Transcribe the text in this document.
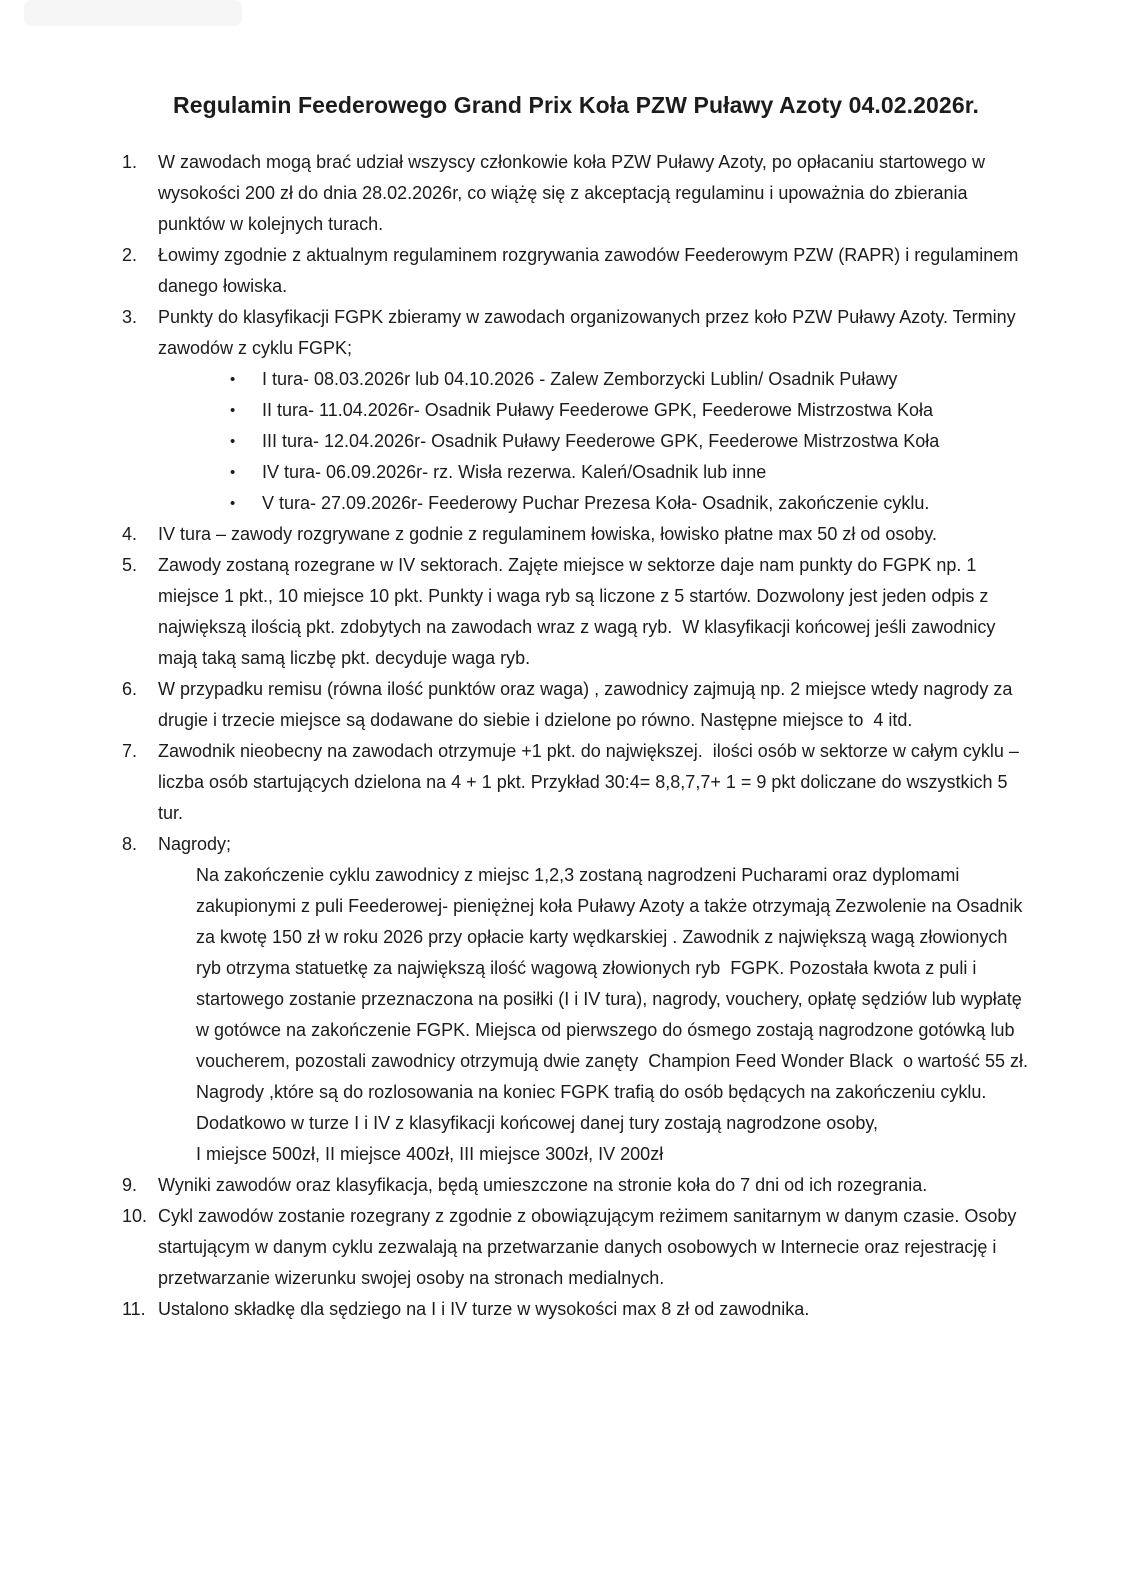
Regulamin Feederowego Grand Prix Koła PZW Puławy Azoty 04.02.2026r.
1.	W zawodach mogą brać udział wszyscy członkowie koła PZW Puławy Azoty, po opłacaniu startowego w wysokości 200 zł do dnia 28.02.2026r, co wiążę się z akceptacją regulaminu i upoważnia do zbierania punktów w kolejnych turach.
2.	Łowimy zgodnie z aktualnym regulaminem rozgrywania zawodów Feederowym PZW (RAPR) i regulaminem danego łowiska.
3.	Punkty do klasyfikacji FGPK zbieramy w zawodach organizowanych przez koło PZW Puławy Azoty. Terminy zawodów z cyklu FGPK;
•	I tura- 08.03.2026r lub 04.10.2026 - Zalew Zemborzycki Lublin/ Osadnik Puławy
•	II tura- 11.04.2026r- Osadnik Puławy Feederowe GPK, Feederowe Mistrzostwa Koła
•	III tura- 12.04.2026r- Osadnik Puławy Feederowe GPK, Feederowe Mistrzostwa Koła
•	IV tura- 06.09.2026r- rz. Wisła rezerwa. Kaleń/Osadnik lub inne
•	V tura- 27.09.2026r- Feederowy Puchar Prezesa Koła- Osadnik, zakończenie cyklu.
4.	IV tura – zawody rozgrywane z godnie z regulaminem łowiska, łowisko płatne max 50 zł od osoby.
5.	Zawody zostaną rozegrane w IV sektorach. Zajęte miejsce w sektorze daje nam punkty do FGPK np. 1 miejsce 1 pkt., 10 miejsce 10 pkt. Punkty i waga ryb są liczone z 5 startów. Dozwolony jest jeden odpis z największą ilością pkt. zdobytych na zawodach wraz z wagą ryb.  W klasyfikacji końcowej jeśli zawodnicy mają taką samą liczbę pkt. decyduje waga ryb.
6.	W przypadku remisu (równa ilość punktów oraz waga) , zawodnicy zajmują np. 2 miejsce wtedy nagrody za drugie i trzecie miejsce są dodawane do siebie i dzielone po równo. Następne miejsce to  4 itd.
7.	Zawodnik nieobecny na zawodach otrzymuje +1 pkt. do największej.  ilości osób w sektorze w całym cyklu – liczba osób startujących dzielona na 4 + 1 pkt. Przykład 30:4= 8,8,7,7+ 1 = 9 pkt doliczane do wszystkich 5 tur.
8.	Nagrody;
Na zakończenie cyklu zawodnicy z miejsc 1,2,3 zostaną nagrodzeni Pucharami oraz dyplomami zakupionymi z puli Feederowej- pieniężnej koła Puławy Azoty a także otrzymają Zezwolenie na Osadnik za kwotę 150 zł w roku 2026 przy opłacie karty wędkarskiej . Zawodnik z największą wagą złowionych ryb otrzyma statuetkę za największą ilość wagową złowionych ryb  FGPK. Pozostała kwota z puli i startowego zostanie przeznaczona na posiłki (I i IV tura), nagrody, vouchery, opłatę sędziów lub wypłatę w gotówce na zakończenie FGPK. Miejsca od pierwszego do ósmego zostają nagrodzone gotówką lub voucherem, pozostali zawodnicy otrzymują dwie zanęty  Champion Feed Wonder Black  o wartość 55 zł.
Nagrody ,które są do rozlosowania na koniec FGPK trafią do osób będących na zakończeniu cyklu.
Dodatkowo w turze I i IV z klasyfikacji końcowej danej tury zostają nagrodzone osoby,
I miejsce 500zł, II miejsce 400zł, III miejsce 300zł, IV 200zł
9.	Wyniki zawodów oraz klasyfikacja, będą umieszczone na stronie koła do 7 dni od ich rozegrania.
10. Cykl zawodów zostanie rozegrany z zgodnie z obowiązującym reżimem sanitarnym w danym czasie. Osoby startującym w danym cyklu zezwalają na przetwarzanie danych osobowych w Internecie oraz rejestrację i przetwarzanie wizerunku swojej osoby na stronach medialnych.
11. Ustalono składkę dla sędziego na I i IV turze w wysokości max 8 zł od zawodnika.
